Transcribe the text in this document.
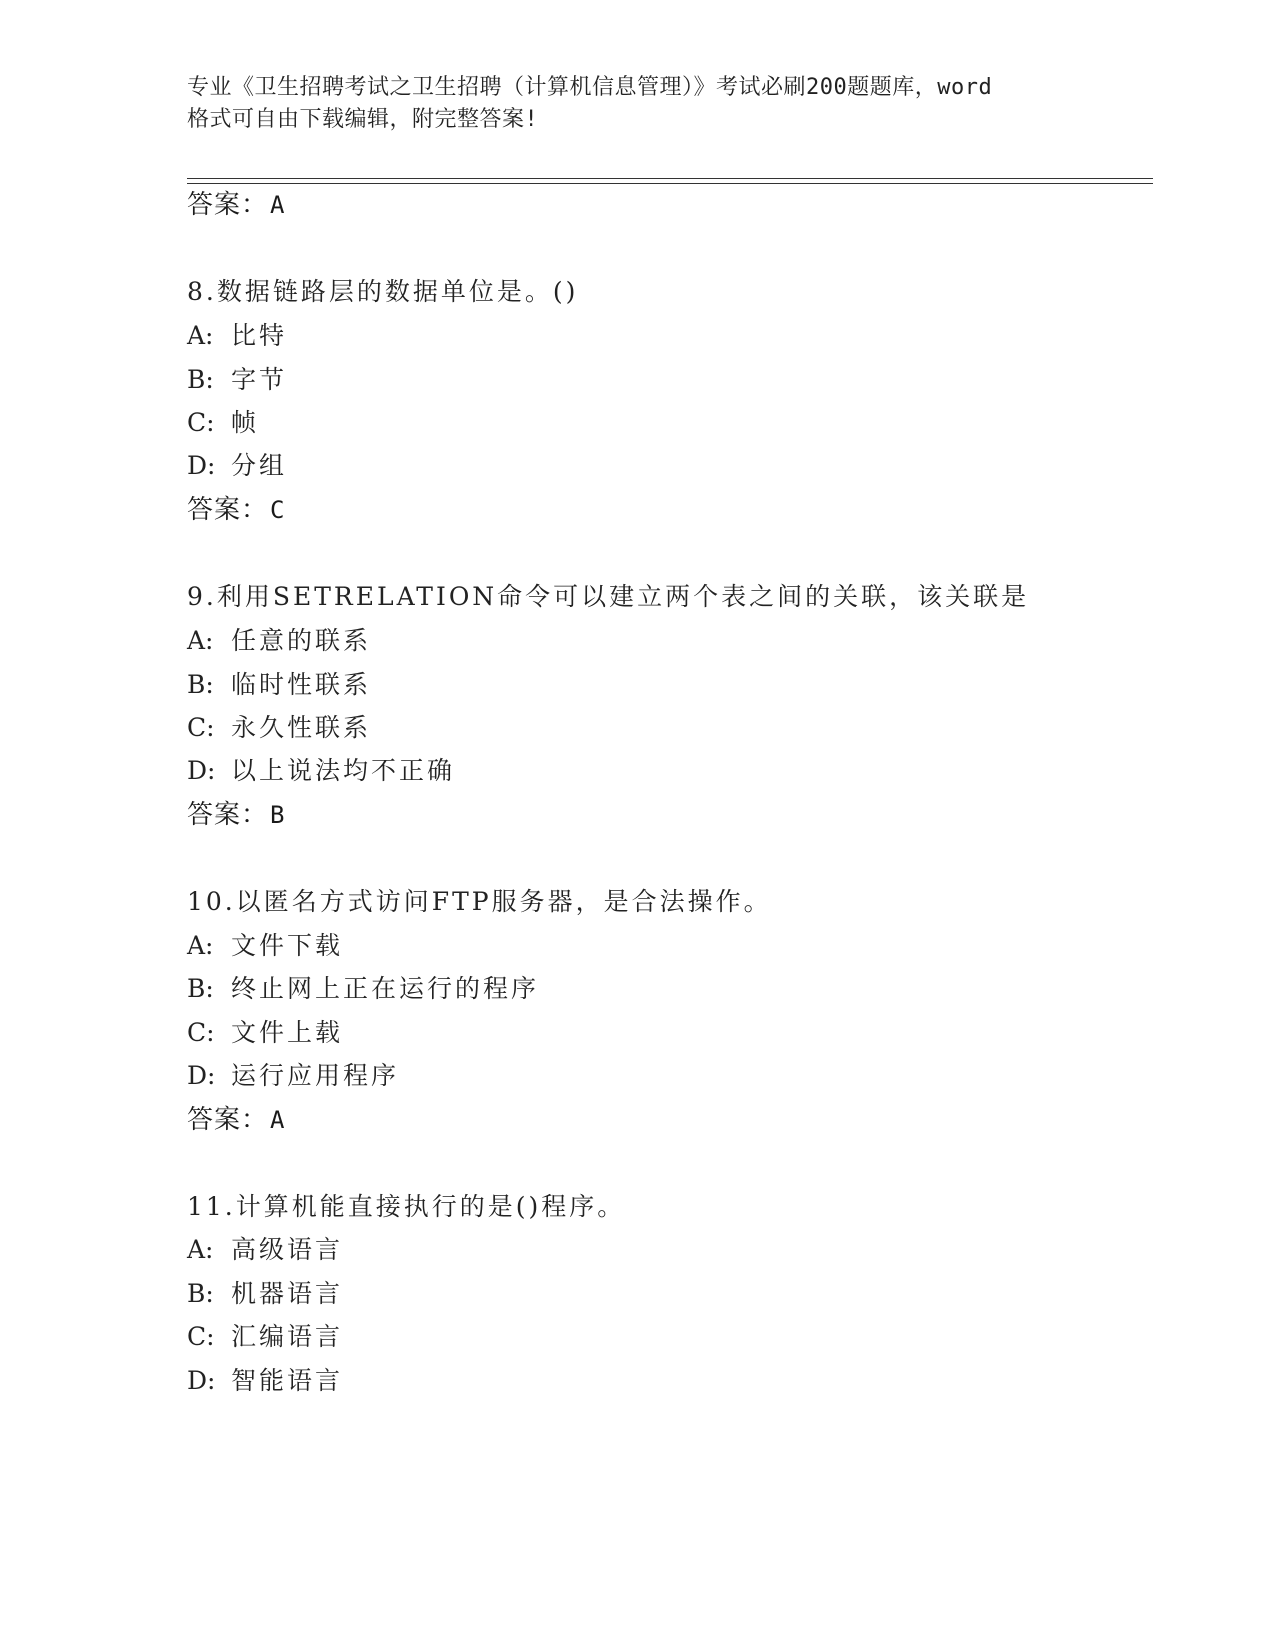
专业《卫生招聘考试之卫生招聘（计算机信息管理）》考试必刷200题题库，word
格式可自由下载编辑，附完整答案!
答案：A
8.数据链路层的数据单位是。()
A: 比特
B: 字节
C: 帧
D: 分组
答案：C
9.利用SETRELATION命令可以建立两个表之间的关联，该关联是
A: 任意的联系
B: 临时性联系
C: 永久性联系
D: 以上说法均不正确
答案：B
10.以匿名方式访问FTP服务器，是合法操作。
A: 文件下载
B: 终止网上正在运行的程序
C: 文件上载
D: 运行应用程序
答案：A
11.计算机能直接执行的是()程序。
A: 高级语言
B: 机器语言
C: 汇编语言
D: 智能语言
